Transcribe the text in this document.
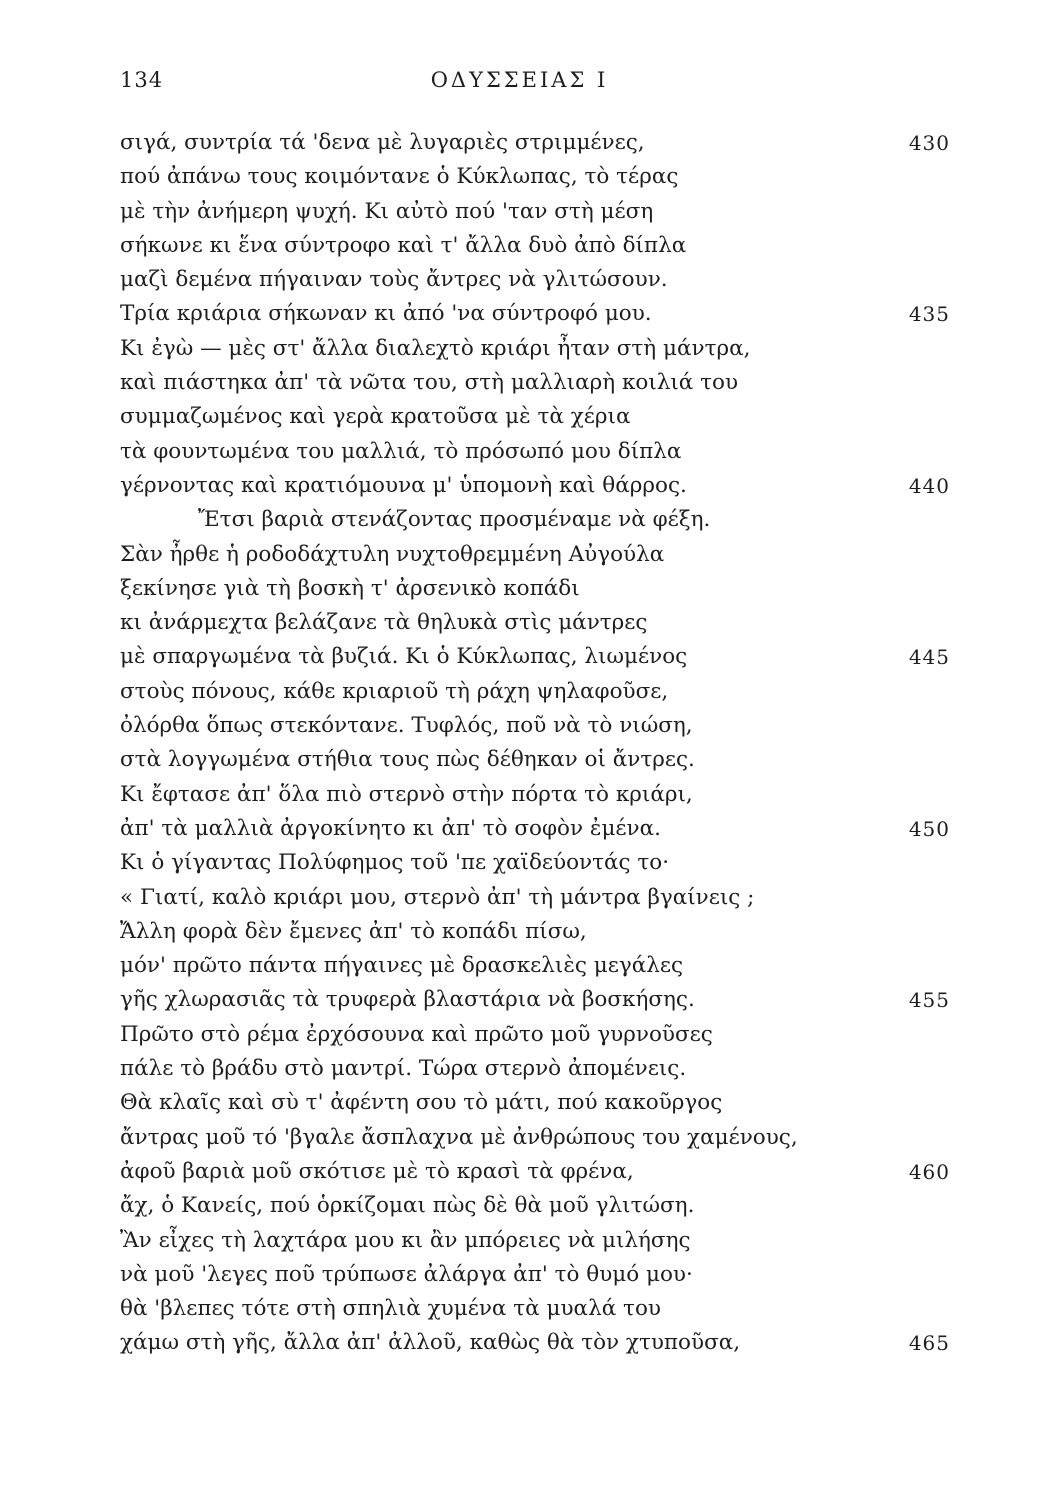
134	ΟΔΥΣΣΕΙΑΣ Ι
σιγά, συντρία τά 'δενα μὲ λυγαριὲς στριμμένες,	430
πού ἀπάνω τους κοιμόντανε ὁ Κύκλωπας, τὸ τέρας
μὲ τὴν ἀνήμερη ψυχή. Κι αὐτὸ πού 'ταν στὴ μέση
σήκωνε κι ἕνα σύντροφο καὶ τ' ἄλλα δυὸ ἀπὸ δίπλα
μαζὶ δεμένα πήγαιναν τοὺς ἄντρες νὰ γλιτώσουν.
Τρία κριάρια σήκωναν κι ἀπό 'να σύντροφό μου.	435
Κι ἐγὼ — μὲς στ' ἄλλα διαλεχτὸ κριάρι ἦταν στὴ μάντρα,
καὶ πιάστηκα ἀπ' τὰ νῶτα του, στὴ μαλλιαρὴ κοιλιά του
συμμαζωμένος καὶ γερὰ κρατοῦσα μὲ τὰ χέρια
τὰ φουντωμένα του μαλλιά, τὸ πρόσωπό μου δίπλα
γέρνοντας καὶ κρατιόμουνα μ' ὑπομονὴ καὶ θάρρος.	440
Ἔτσι βαριὰ στενάζοντας προσμέναμε νὰ φέξη.
Σὰν ἦρθε ἡ ροδοδάχτυλη νυχτοθρεμμένη Αὐγούλα
ξεκίνησε γιὰ τὴ βοσκὴ τ' ἀρσενικὸ κοπάδι
κι ἀνάρμεχτα βελάζανε τὰ θηλυκὰ στὶς μάντρες
μὲ σπαργωμένα τὰ βυζιά. Κι ὁ Κύκλωπας, λιωμένος	445
στοὺς πόνους, κάθε κριαριοῦ τὴ ράχη ψηλαφοῦσε,
ὀλόρθα ὅπως στεκόντανε. Τυφλός, ποῦ νὰ τὸ νιώση,
στὰ λογγωμένα στήθια τους πὼς δέθηκαν οἱ ἄντρες.
Κι ἔφτασε ἀπ' ὅλα πιὸ στερνὸ στὴν πόρτα τὸ κριάρι,
ἀπ' τὰ μαλλιὰ ἀργοκίνητο κι ἀπ' τὸ σοφὸν ἐμένα.	450
Κι ὁ γίγαντας Πολύφημος τοῦ 'πε χαϊδεύοντάς το·
« Γιατί, καλὸ κριάρι μου, στερνὸ ἀπ' τὴ μάντρα βγαίνεις ;
Ἄλλη φορὰ δὲν ἔμενες ἀπ' τὸ κοπάδι πίσω,
μόν' πρῶτο πάντα πήγαινες μὲ δρασκελιὲς μεγάλες
γῆς χλωρασιᾶς τὰ τρυφερὰ βλαστάρια νὰ βοσκήσης.	455
Πρῶτο στὸ ρέμα ἐρχόσουνα καὶ πρῶτο μοῦ γυρνοῦσες
πάλε τὸ βράδυ στὸ μαντρί. Τώρα στερνὸ ἀπομένεις.
Θὰ κλαῖς καὶ σὺ τ' ἀφέντη σου τὸ μάτι, πού κακοῦργος
ἄντρας μοῦ τό 'βγαλε ἄσπλαχνα μὲ ἀνθρώπους του χαμένους,
ἀφοῦ βαριὰ μοῦ σκότισε μὲ τὸ κρασὶ τὰ φρένα,	460
ἄχ, ὁ Κανείς, πού ὁρκίζομαι πὼς δὲ θὰ μοῦ γλιτώση.
Ἂν εἶχες τὴ λαχτάρα μου κι ἂν μπόρειες νὰ μιλήσης
νὰ μοῦ 'λεγες ποῦ τρύπωσε ἀλάργα ἀπ' τὸ θυμό μου·
θὰ 'βλεπες τότε στὴ σπηλιὰ χυμένα τὰ μυαλά του
χάμω στὴ γῆς, ἄλλα ἀπ' ἀλλοῦ, καθὼς θὰ τὸν χτυποῦσα,	465
